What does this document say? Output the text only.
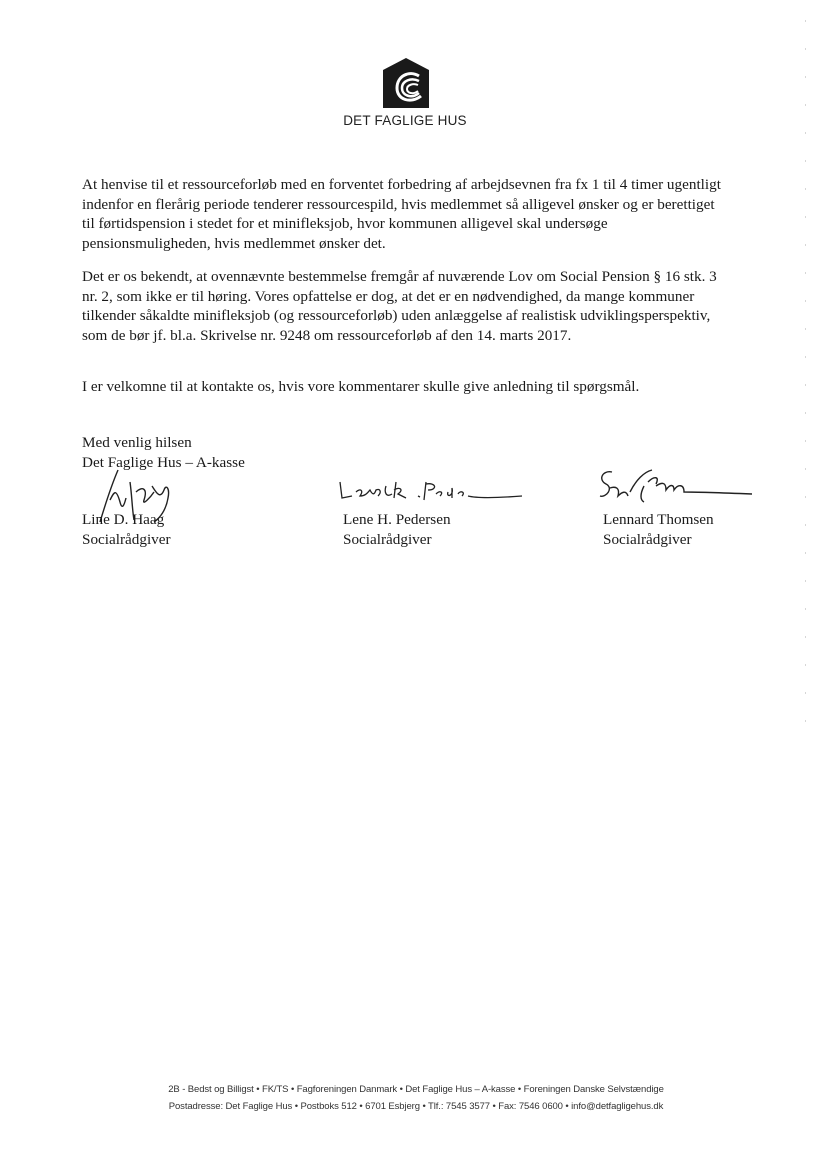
DET FAGLIGE HUS

At henvise til et ressourceforløb med en forventet forbedring af arbejdsevnen fra fx 1 til 4 timer ugentligt indenfor en flerårig periode tenderer ressourcespild, hvis medlemmet så alligevel ønsker og er berettiget til førtidspension i stedet for et minifleksjob, hvor kommunen alligevel skal undersøge pensionsmuligheden, hvis medlemmet ønsker det.

Det er os bekendt, at ovennævnte bestemmelse fremgår af nuværende Lov om Social Pension § 16 stk. 3 nr. 2, som ikke er til høring. Vores opfattelse er dog, at det er en nødvendighed, da mange kommuner tilkender såkaldte minifleksjob (og ressourceforløb) uden anlæggelse af realistisk udviklingsperspektiv, som de bør jf. bl.a. Skrivelse nr. 9248 om ressourceforløb af den 14. marts 2017.

I er velkomne til at kontakte os, hvis vore kommentarer skulle give anledning til spørgsmål.

Med venlig hilsen
Det Faglige Hus – A-kasse
Line D. Haag
Socialrådgiver
Lene H. Pedersen
Socialrådgiver
Lennard Thomsen
Socialrådgiver
2B - Bedst og Billigst • FK/TS • Fagforeningen Danmark • Det Faglige Hus – A-kasse • Foreningen Danske Selvstændige
Postadresse: Det Faglige Hus • Postboks 512 • 6701 Esbjerg • Tlf.: 7545 3577 • Fax: 7546 0600 • info@detfagligehus.dk
